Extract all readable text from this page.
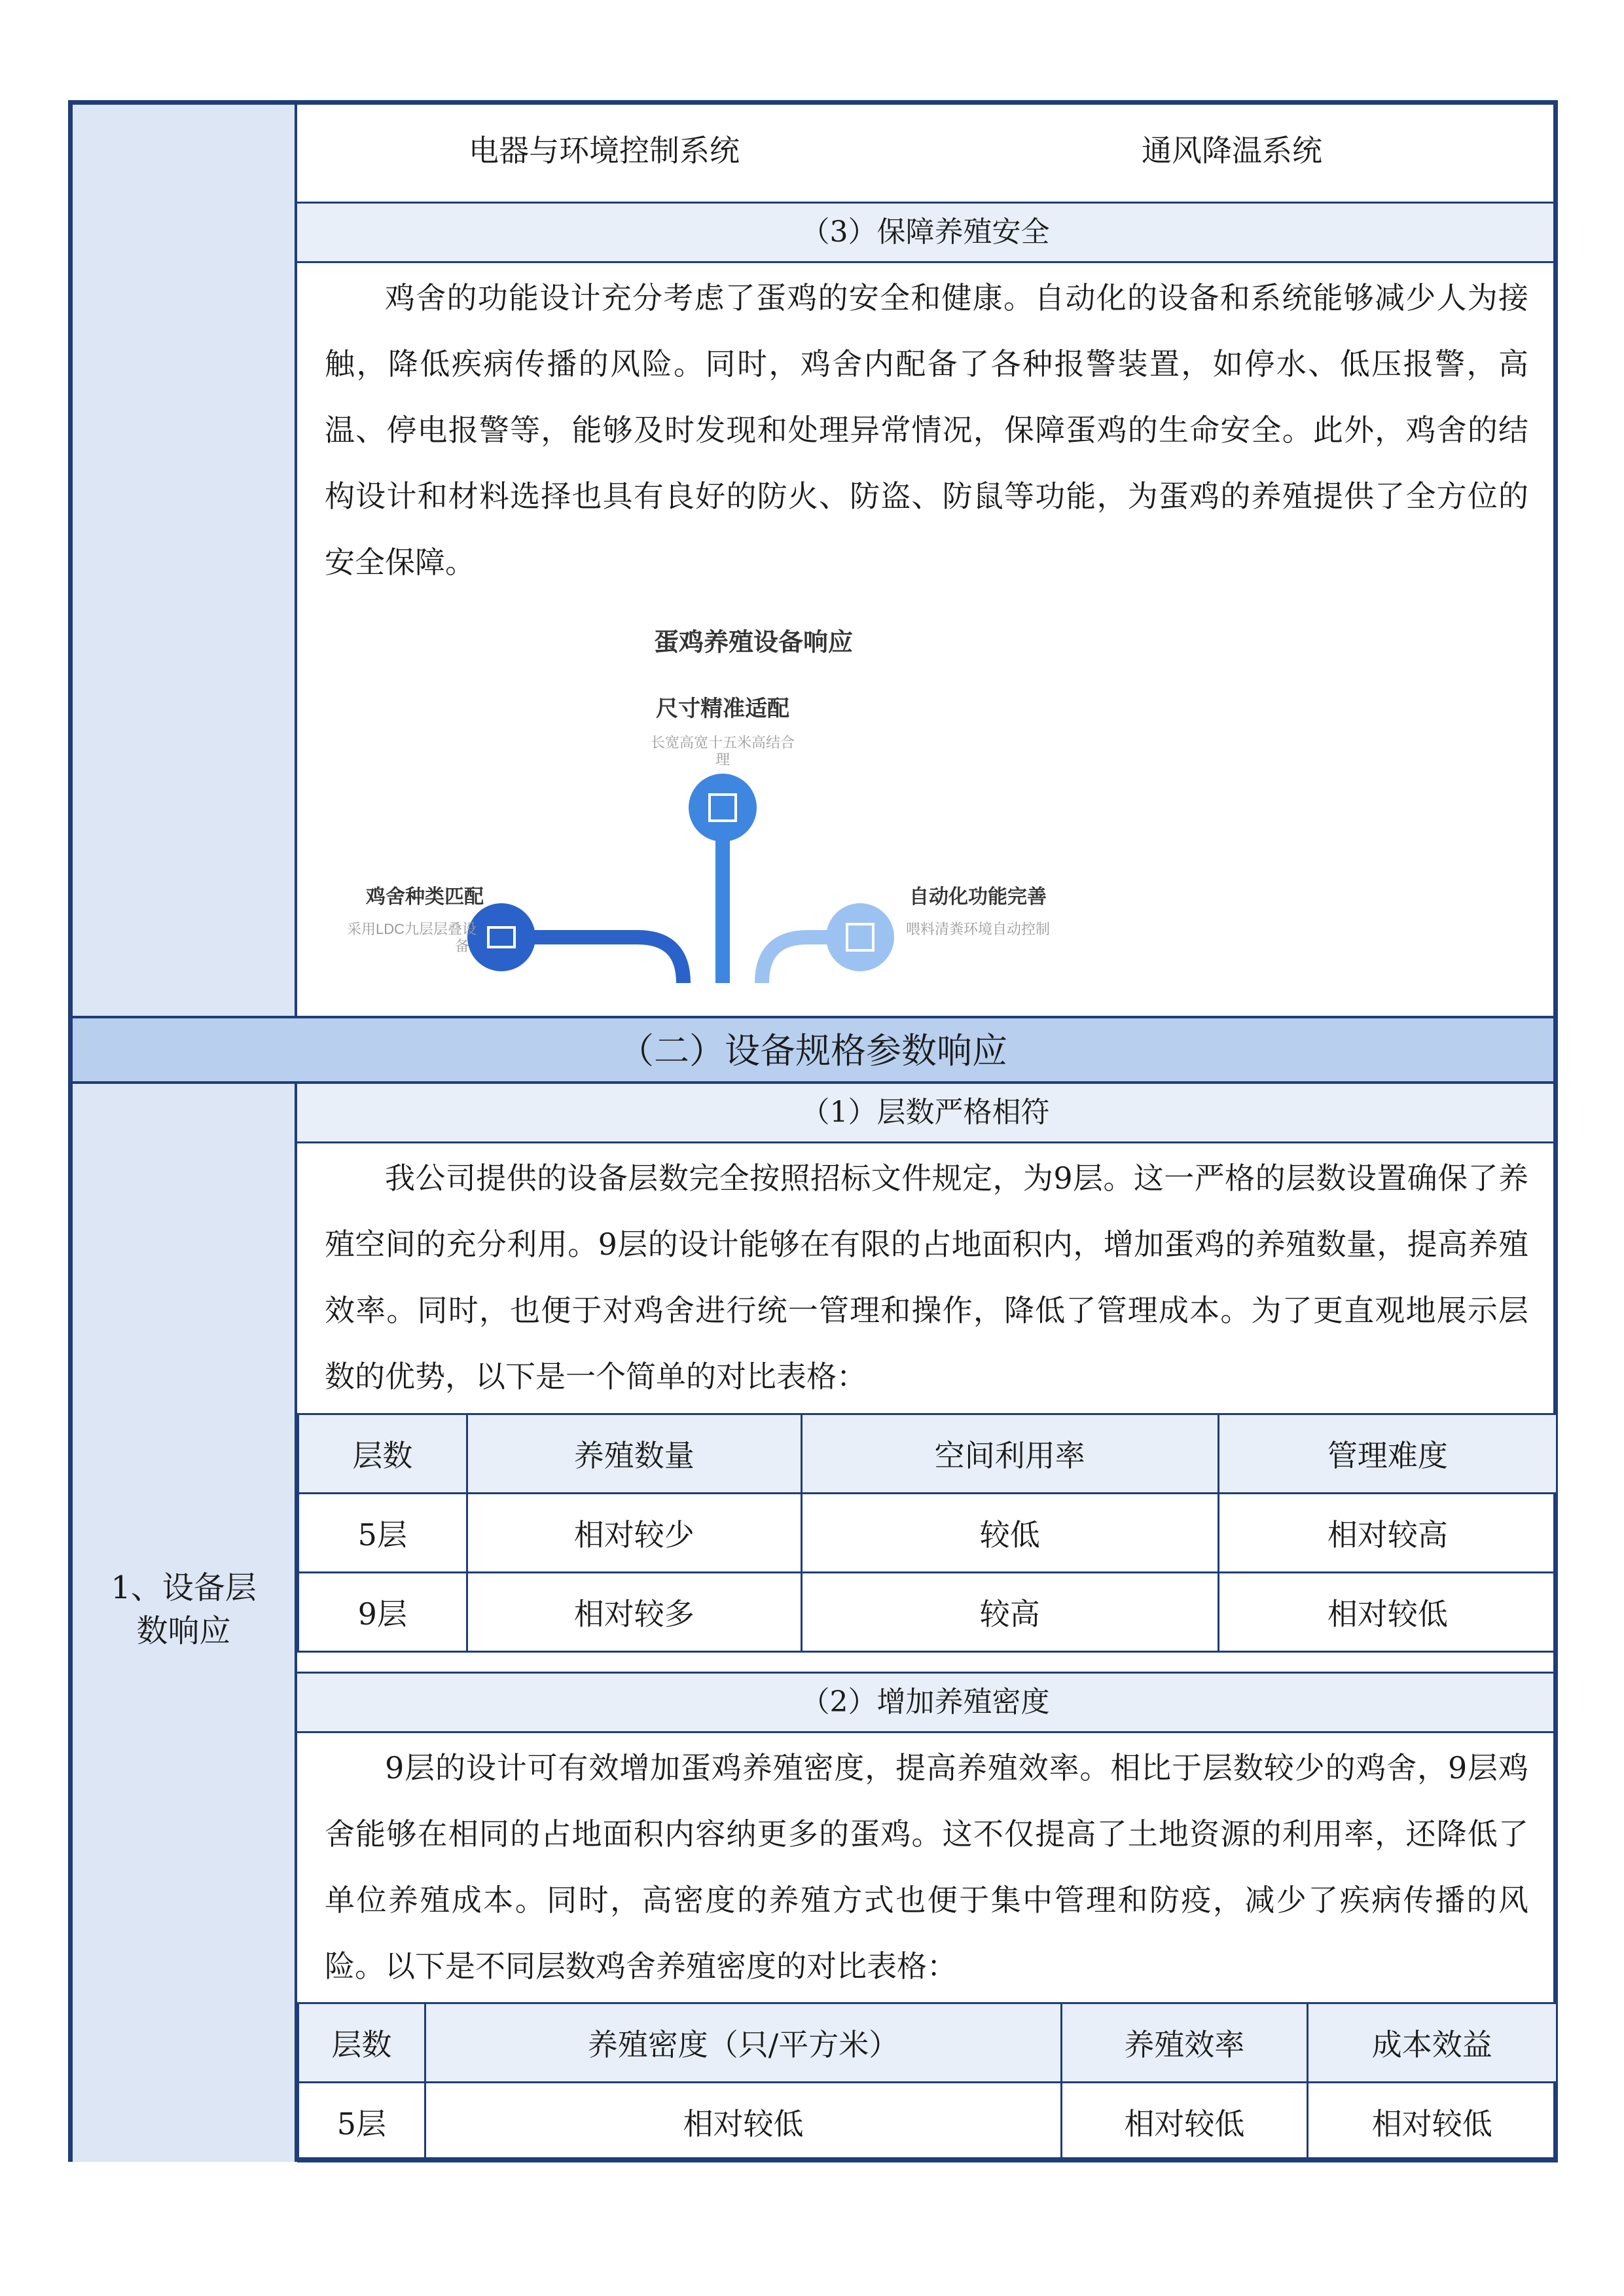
电器与环境控制系统	通风降温系统
（3）保障养殖安全

鸡舍的功能设计充分考虑了蛋鸡的安全和健康。自动化的设备和系统能够减少人为接触，降低疾病传播的风险。同时，鸡舍内配备了各种报警装置，如停水、低压报警，高温、停电报警等，能够及时发现和处理异常情况，保障蛋鸡的生命安全。此外，鸡舍的结构设计和材料选择也具有良好的防火、防盗、防鼠等功能，为蛋鸡的养殖提供了全方位的安全保障。

蛋鸡养殖设备响应
尺寸精准适配
长宽高宽十五米高结合
理
鸡舍种类匹配
采用LDC九层层叠设
备
自动化功能完善
喂料清粪环境自动控制
（二）设备规格参数响应
1、设备层
数响应
（1）层数严格相符

我公司提供的设备层数完全按照招标文件规定，为9层。这一严格的层数设置确保了养殖空间的充分利用。9层的设计能够在有限的占地面积内，增加蛋鸡的养殖数量，提高养殖效率。同时，也便于对鸡舍进行统一管理和操作，降低了管理成本。为了更直观地展示层数的优势，以下是一个简单的对比表格：

层数	养殖数量	空间利用率	管理难度
5层	相对较少	较低	相对较高
9层	相对较多	较高	相对较低
（2）增加养殖密度

9层的设计可有效增加蛋鸡养殖密度，提高养殖效率。相比于层数较少的鸡舍，9层鸡舍能够在相同的占地面积内容纳更多的蛋鸡。这不仅提高了土地资源的利用率，还降低了单位养殖成本。同时，高密度的养殖方式也便于集中管理和防疫，减少了疾病传播的风险。以下是不同层数鸡舍养殖密度的对比表格：

层数	养殖密度（只/平方米）	养殖效率	成本效益
5层	相对较低	相对较低	相对较低
